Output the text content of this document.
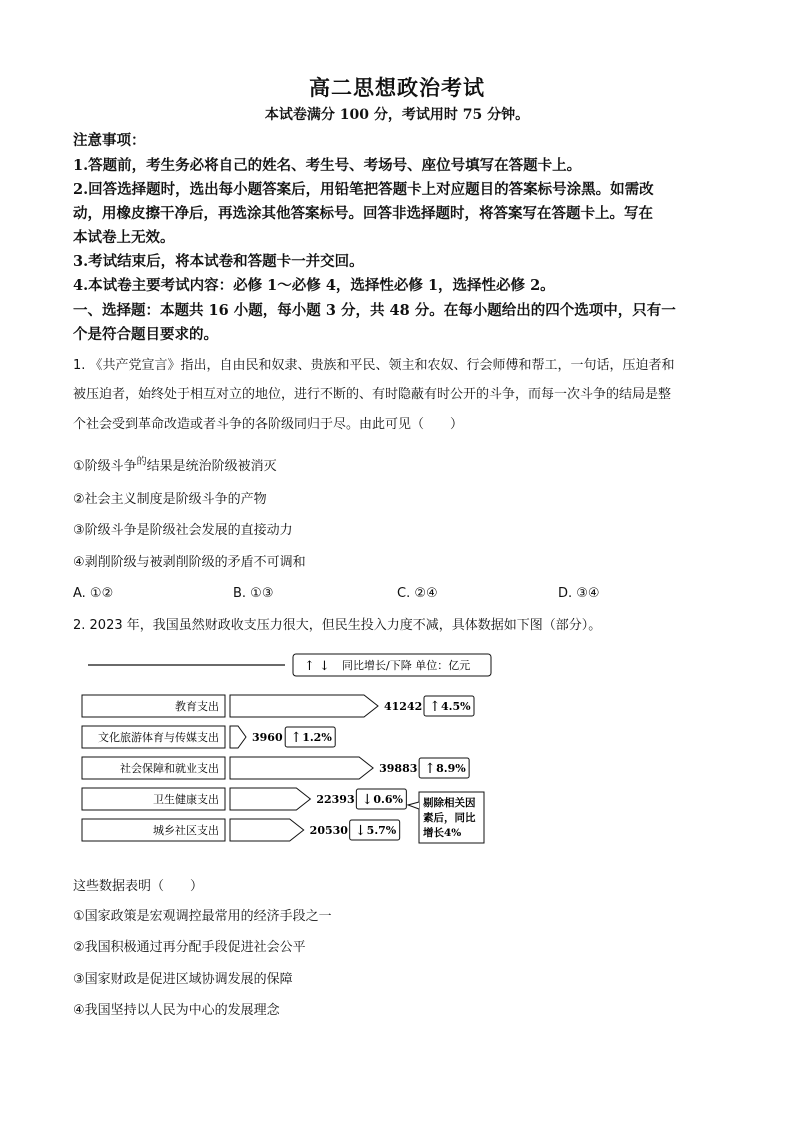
高二思想政治考试
本试卷满分 100 分，考试用时 75 分钟。
注意事项：
1.答题前，考生务必将自己的姓名、考生号、考场号、座位号填写在答题卡上。
2.回答选择题时，选出每小题答案后，用铅笔把答题卡上对应题目的答案标号涂黑。如需改
动，用橡皮擦干净后，再选涂其他答案标号。回答非选择题时，将答案写在答题卡上。写在
本试卷上无效。
3.考试结束后，将本试卷和答题卡一并交回。
4.本试卷主要考试内容：必修 1～必修 4，选择性必修 1，选择性必修 2。
一、选择题：本题共 16 小题，每小题 3 分，共 48 分。在每小题给出的四个选项中，只有一
个是符合题目要求的。
1. 《共产党宣言》指出，自由民和奴隶、贵族和平民、领主和农奴、行会师傅和帮工，一句话，压迫者和
被压迫者，始终处于相互对立的地位，进行不断的、有时隐蔽有时公开的斗争，而每一次斗争的结局是整
个社会受到革命改造或者斗争的各阶级同归于尽。由此可见（　　）
①阶级斗争$^的$结果是统治阶级被消灭
②社会主义制度是阶级斗争的产物
③阶级斗争是阶级社会发展的直接动力
④剥削阶级与被剥削阶级的矛盾不可调和
A. ①②	B. ①③	C. ②④	D. ③④
2. 2023 年，我国虽然财政收支压力很大，但民生投入力度不减，具体数据如下图（部分）。
↑ ↓ 同比增长/下降 单位：亿元
教育支出	41242 ↑ 4.5%
文化旅游体育与传媒支出	3960 ↑ 1.2%
社会保障和就业支出	39883 ↑ 8.9%
卫生健康支出	22393 ↓ 0.6%
城乡社区支出	20530 ↓ 5.7%
剔除相关因
素后，同比
增长4%
这些数据表明（　　）
①国家政策是宏观调控最常用的经济手段之一
②我国积极通过再分配手段促进社会公平
③国家财政是促进区域协调发展的保障
④我国坚持以人民为中心的发展理念
